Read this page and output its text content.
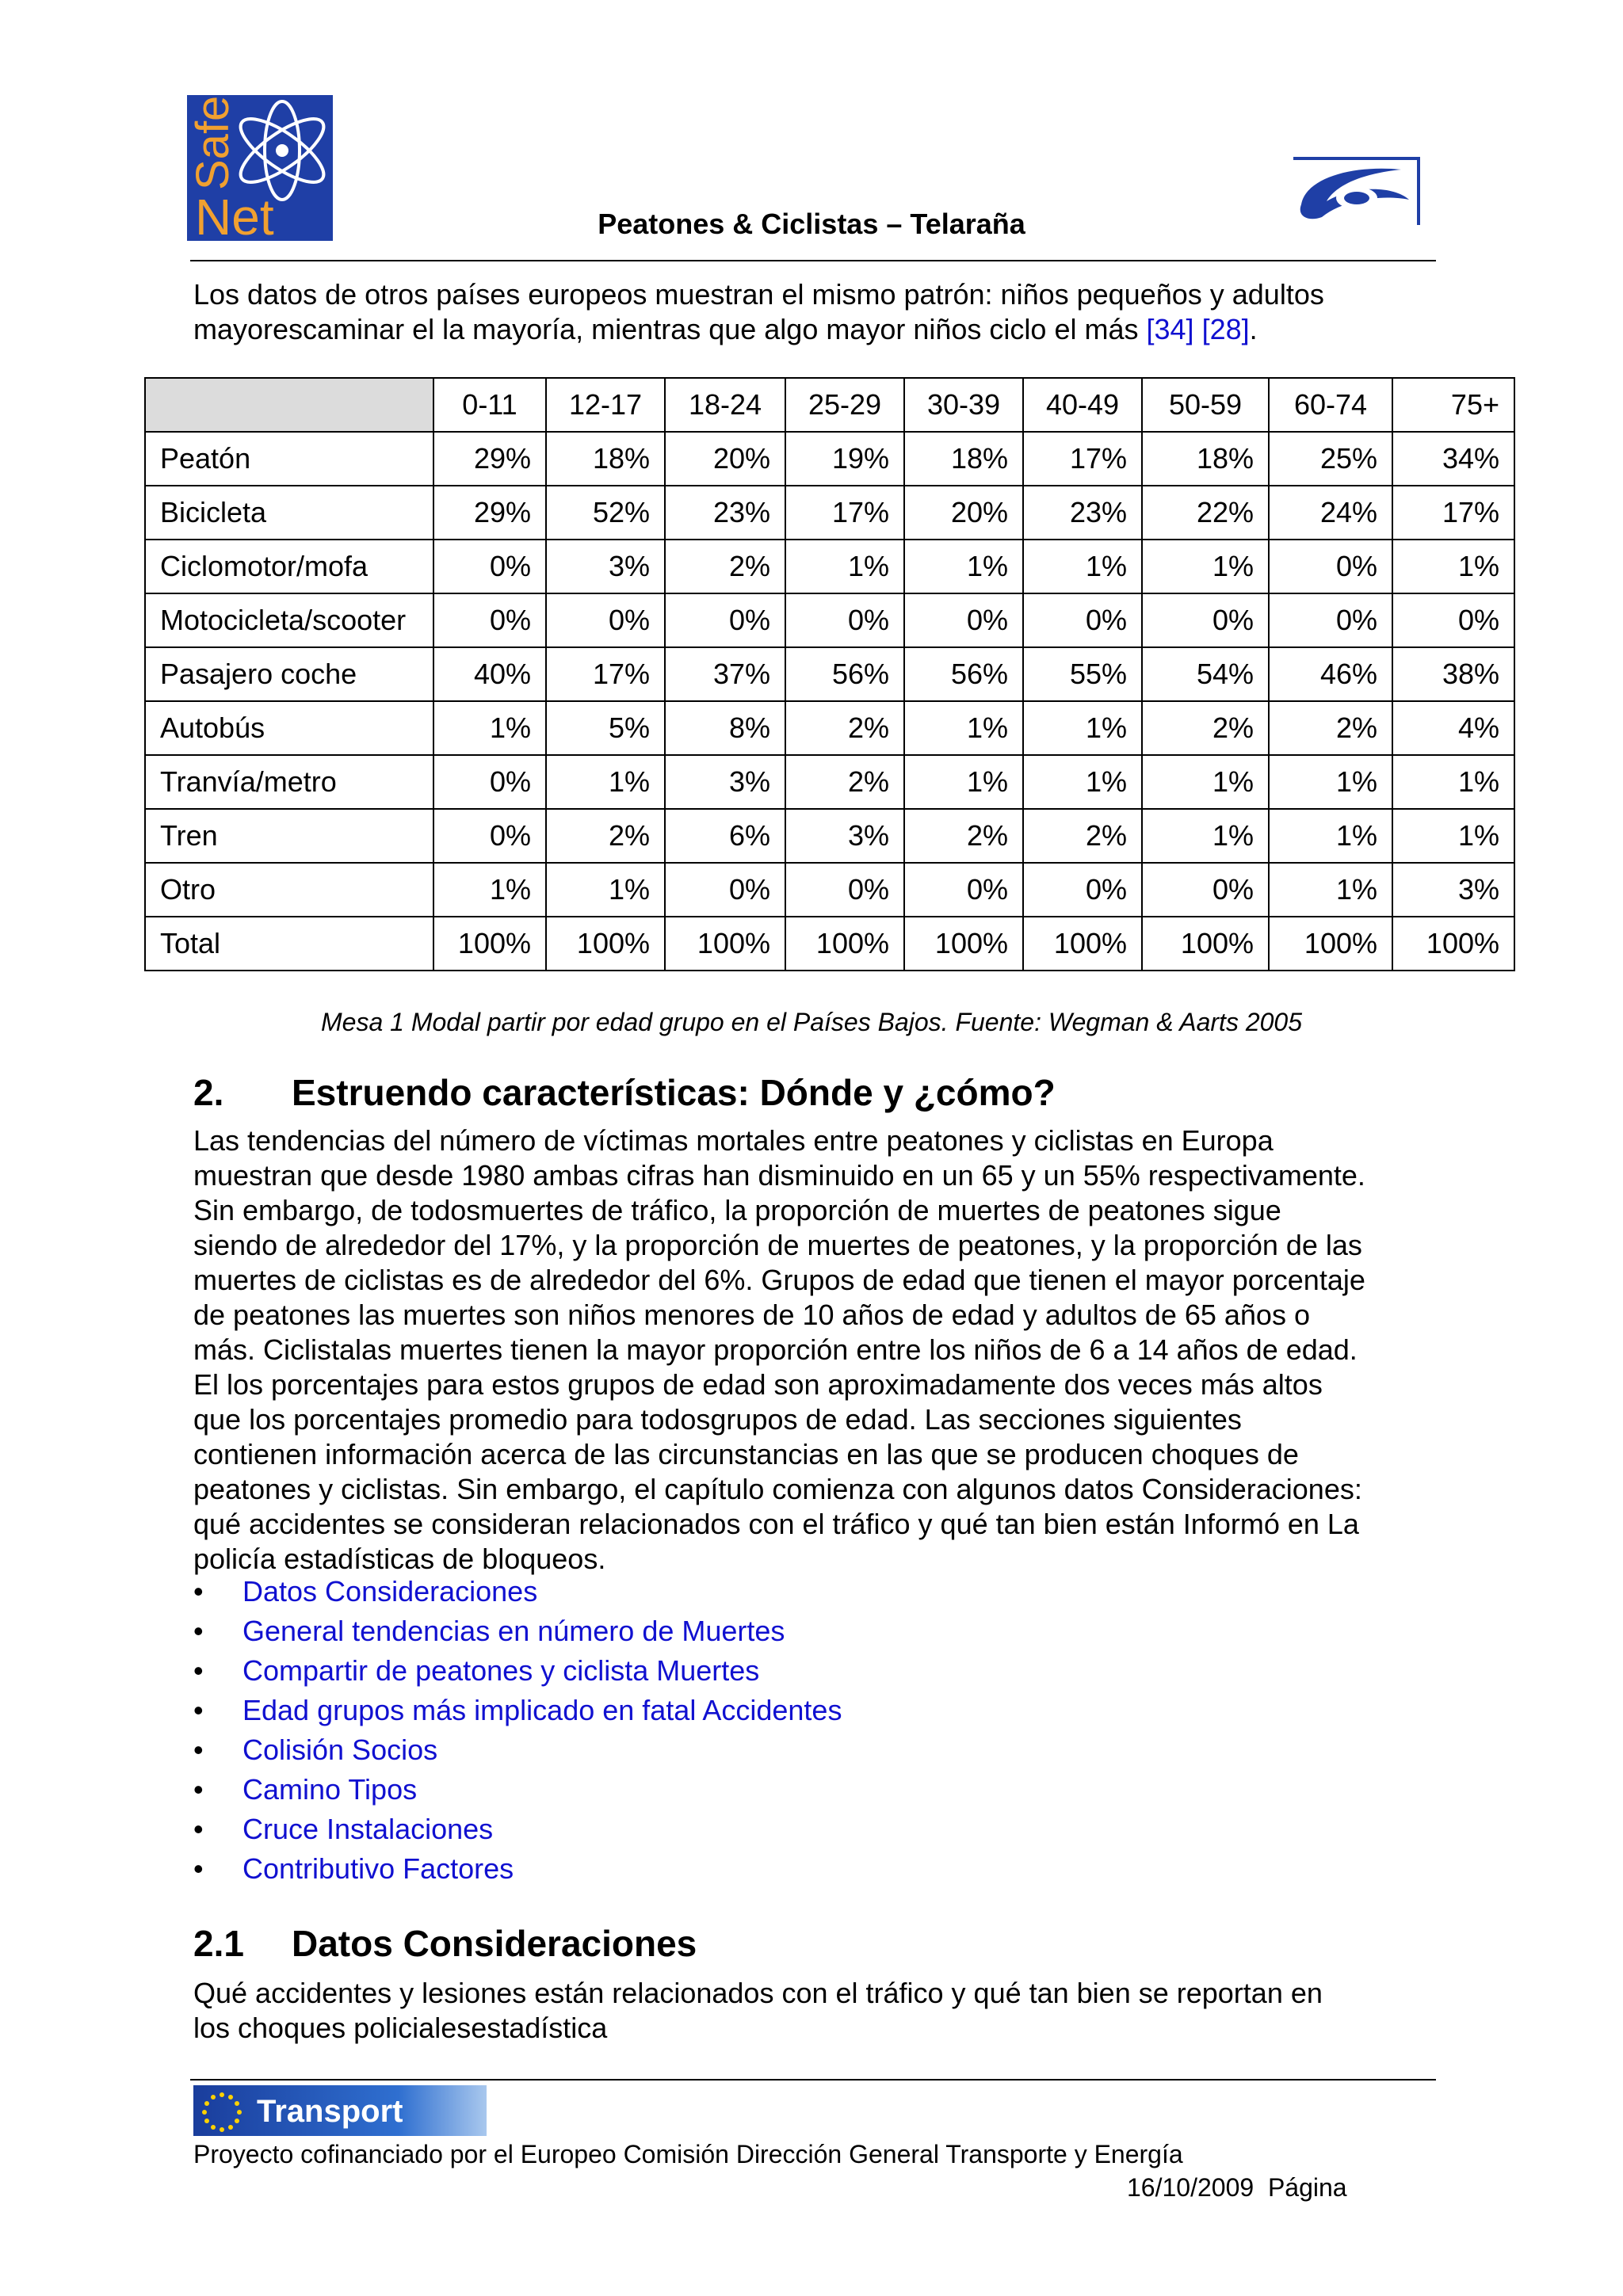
Safety
Net	Peatones & Ciclistas – Telaraña
Los datos de otros países europeos muestran el mismo patrón: niños pequeños y adultos mayorescaminar el la mayoría, mientras que algo mayor niños ciclo el más [34] [28].
	0-11	12-17	18-24	25-29	30-39	40-49	50-59	60-74	75+
Peatón	29%	18%	20%	19%	18%	17%	18%	25%	34%
Bicicleta	29%	52%	23%	17%	20%	23%	22%	24%	17%
Ciclomotor/mofa	0%	3%	2%	1%	1%	1%	1%	0%	1%
Motocicleta/scooter	0%	0%	0%	0%	0%	0%	0%	0%	0%
Pasajero coche	40%	17%	37%	56%	56%	55%	54%	46%	38%
Autobús	1%	5%	8%	2%	1%	1%	2%	2%	4%
Tranvía/metro	0%	1%	3%	2%	1%	1%	1%	1%	1%
Tren	0%	2%	6%	3%	2%	2%	1%	1%	1%
Otro	1%	1%	0%	0%	0%	0%	0%	1%	3%
Total	100%	100%	100%	100%	100%	100%	100%	100%	100%
Mesa 1 Modal partir por edad grupo en el Países Bajos. Fuente: Wegman & Aarts 2005
2. Estruendo características: Dónde y ¿cómo?
Las tendencias del número de víctimas mortales entre peatones y ciclistas en Europa
muestran que desde 1980 ambas cifras han disminuido en un 65 y un 55% respectivamente.
Sin embargo, de todosmuertes de tráfico, la proporción de muertes de peatones sigue
siendo de alrededor del 17%, y la proporción de muertes de peatones, y la proporción de las
muertes de ciclistas es de alrededor del 6%. Grupos de edad que tienen el mayor porcentaje
de peatones las muertes son niños menores de 10 años de edad y adultos de 65 años o
más. Ciclistalas muertes tienen la mayor proporción entre los niños de 6 a 14 años de edad.
El los porcentajes para estos grupos de edad son aproximadamente dos veces más altos
que los porcentajes promedio para todosgrupos de edad. Las secciones siguientes
contienen información acerca de las circunstancias en las que se producen choques de
peatones y ciclistas. Sin embargo, el capítulo comienza con algunos datos Consideraciones:
qué accidentes se consideran relacionados con el tráfico y qué tan bien están Informó en La
policía estadísticas de bloqueos.
• Datos Consideraciones
• General tendencias en número de Muertes
• Compartir de peatones y ciclista Muertes
• Edad grupos más implicado en fatal Accidentes
• Colisión Socios
• Camino Tipos
• Cruce Instalaciones
• Contributivo Factores
2.1 Datos Consideraciones
Qué accidentes y lesiones están relacionados con el tráfico y qué tan bien se reportan en
los choques policialesestadística
Transport
Proyecto cofinanciado por el Europeo Comisión Dirección General Transporte y Energía
16/10/2009 Página
